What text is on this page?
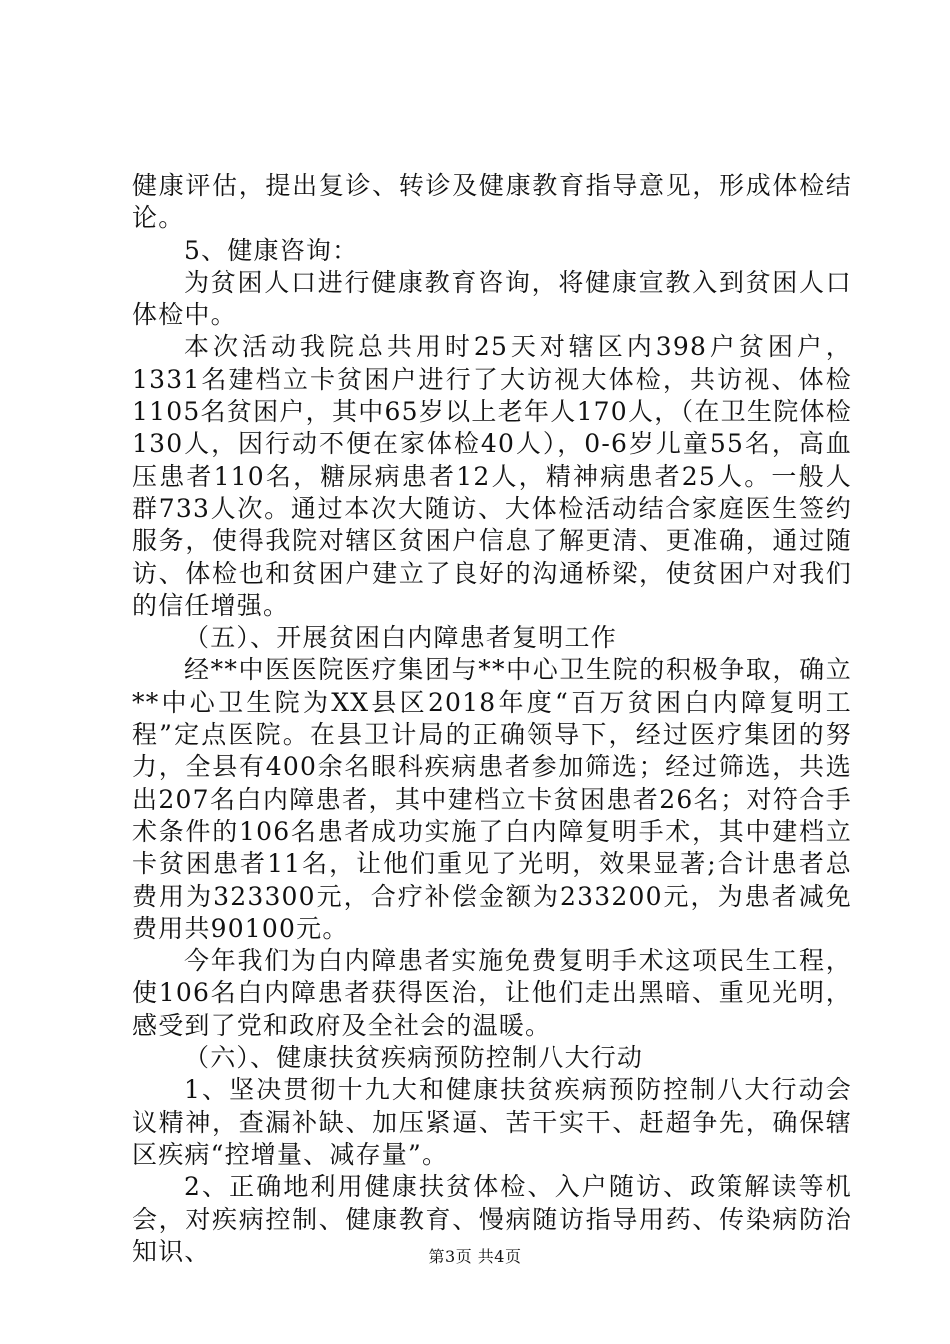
健康评估，提出复诊、转诊及健康教育指导意见，形成体检结论。

5、健康咨询：

为贫困人口进行健康教育咨询，将健康宣教入到贫困人口体检中。

本次活动我院总共用时25天对辖区内398户贫困户，1331名建档立卡贫困户进行了大访视大体检，共访视、体检1105名贫困户，其中65岁以上老年人170人，（在卫生院体检130人，因行动不便在家体检40人），0-6岁儿童55名，高血压患者110名，糖尿病患者12人，精神病患者25人。一般人群733人次。通过本次大随访、大体检活动结合家庭医生签约服务，使得我院对辖区贫困户信息了解更清、更准确，通过随访、体检也和贫困户建立了良好的沟通桥梁，使贫困户对我们的信任增强。

（五）、开展贫困白内障患者复明工作

经**中医医院医疗集团与**中心卫生院的积极争取，确立**中心卫生院为XX县区2018年度“百万贫困白内障复明工程”定点医院。在县卫计局的正确领导下，经过医疗集团的努力，全县有400余名眼科疾病患者参加筛选；经过筛选，共选出207名白内障患者，其中建档立卡贫困患者26名；对符合手术条件的106名患者成功实施了白内障复明手术，其中建档立卡贫困患者11名，让他们重见了光明，效果显著;合计患者总费用为323300元，合疗补偿金额为233200元，为患者减免费用共90100元。

今年我们为白内障患者实施免费复明手术这项民生工程，使106名白内障患者获得医治，让他们走出黑暗、重见光明，感受到了党和政府及全社会的温暖。

（六）、健康扶贫疾病预防控制八大行动

1、坚决贯彻十九大和健康扶贫疾病预防控制八大行动会议精神，查漏补缺、加压紧逼、苦干实干、赶超争先，确保辖区疾病“控增量、减存量”。

2、正确地利用健康扶贫体检、入户随访、政策解读等机会，对疾病控制、健康教育、慢病随访指导用药、传染病防治知识、	第3页 共4页
